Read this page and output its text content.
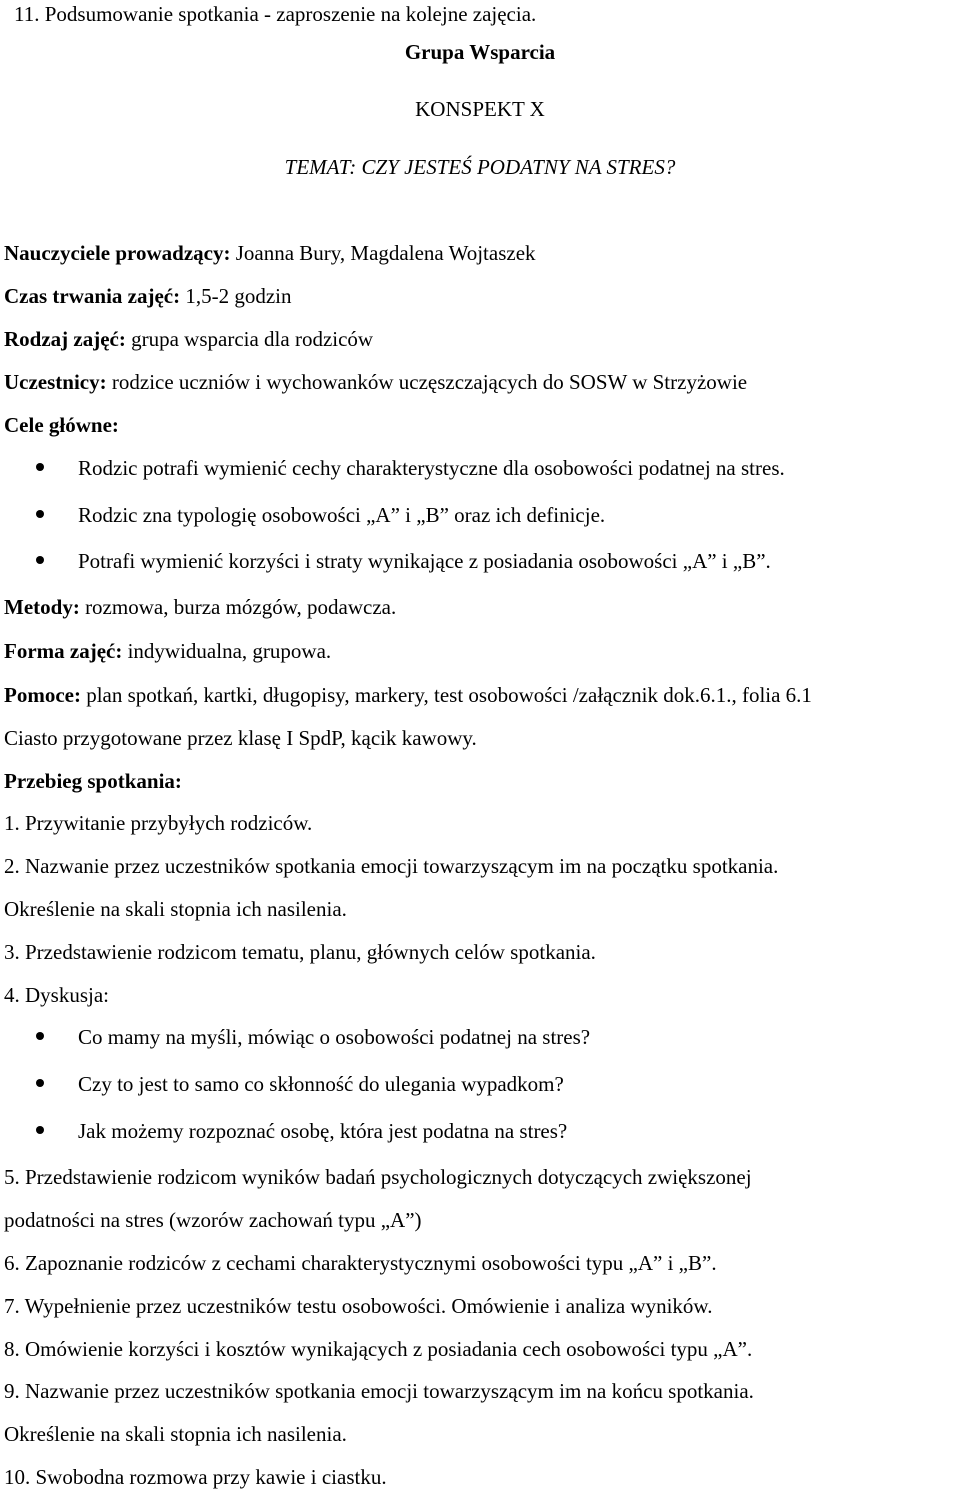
11. Podsumowanie spotkania - zaproszenie na kolejne zajęcia.
Grupa Wsparcia
KONSPEKT X
TEMAT: CZY JESTEŚ PODATNY NA STRES?
Nauczyciele prowadzący: Joanna Bury, Magdalena Wojtaszek
Czas trwania zajęć: 1,5-2 godzin
Rodzaj zajęć: grupa wsparcia dla rodziców
Uczestnicy: rodzice uczniów i wychowanków uczęszczających do SOSW w Strzyżowie
Cele główne:
Rodzic potrafi wymienić cechy charakterystyczne dla osobowości podatnej na stres.
Rodzic zna typologię osobowości „A” i „B” oraz ich definicje.
Potrafi wymienić korzyści i straty wynikające z posiadania osobowości „A” i „B”.
Metody: rozmowa, burza mózgów, podawcza.
Forma zajęć: indywidualna, grupowa.
Pomoce: plan spotkań, kartki, długopisy, markery, test osobowości /załącznik dok.6.1., folia 6.1
Ciasto przygotowane przez klasę I SpdP, kącik kawowy.
Przebieg spotkania:
1. Przywitanie przybyłych rodziców.
2. Nazwanie przez uczestników spotkania emocji towarzyszącym im na początku spotkania.
Określenie na skali stopnia ich nasilenia.
3. Przedstawienie rodzicom tematu, planu, głównych celów spotkania.
4. Dyskusja:
Co mamy na myśli, mówiąc o osobowości podatnej na stres?
Czy to jest to samo co skłonność do ulegania wypadkom?
Jak możemy rozpoznać osobę, która jest podatna na stres?
5. Przedstawienie rodzicom wyników badań psychologicznych dotyczących zwiększonej
podatności na stres (wzorów zachowań typu „A”)
6. Zapoznanie rodziców z cechami charakterystycznymi osobowości typu „A” i „B”.
7. Wypełnienie przez uczestników testu osobowości. Omówienie i analiza wyników.
8. Omówienie korzyści i kosztów wynikających z posiadania cech osobowości typu „A”.
9. Nazwanie przez uczestników spotkania emocji towarzyszącym im na końcu spotkania.
Określenie na skali stopnia ich nasilenia.
10. Swobodna rozmowa przy kawie i ciastku.
